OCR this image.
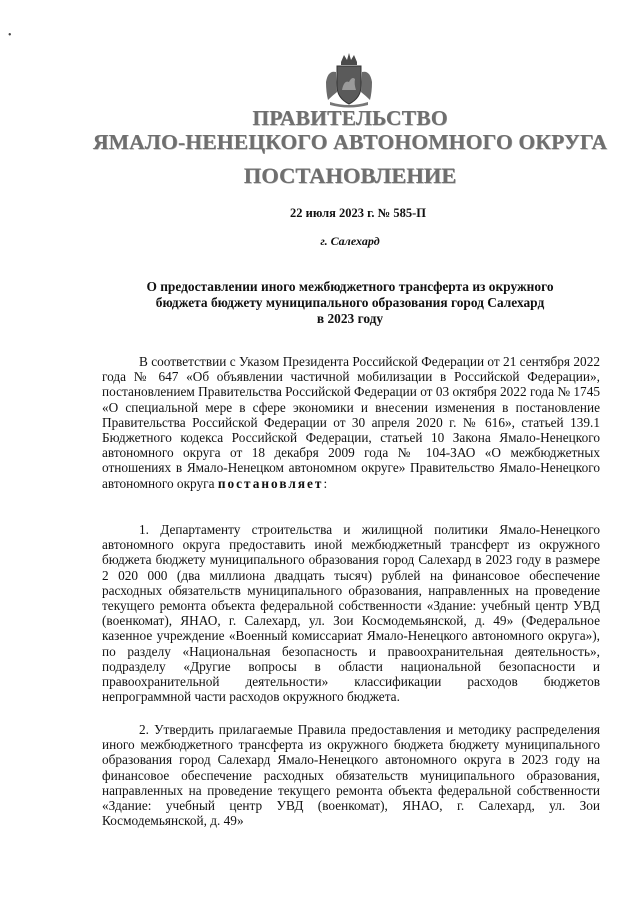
•
ПРАВИТЕЛЬСТВО
ЯМАЛО-НЕНЕЦКОГО АВТОНОМНОГО ОКРУГА
ПОСТАНОВЛЕНИЕ
22 июля 2023 г. № 585-П
г. Салехард
О предоставлении иного межбюджетного трансферта из окружного
бюджета бюджету муниципального образования город Салехард
в 2023 году
В соответствии с Указом Президента Российской Федерации от 21 сентября 2022 года № 647 «Об объявлении частичной мобилизации в Российской Федерации», постановлением Правительства Российской Федерации от 03 октября 2022 года № 1745 «О специальной мере в сфере экономики и внесении изменения в постановление Правительства Российской Федерации от 30 апреля 2020 г. № 616», статьей 139.1 Бюджетного кодекса Российской Федерации, статьей 10 Закона Ямало-Ненецкого автономного округа от 18 декабря 2009 года № 104-ЗАО «О межбюджетных отношениях в Ямало-Ненецком автономном округе» Правительство Ямало-Ненецкого автономного округа постановляет:
1. Департаменту строительства и жилищной политики Ямало-Ненецкого автономного округа предоставить иной межбюджетный трансферт из окружного бюджета бюджету муниципального образования город Салехард в 2023 году в размере 2 020 000 (два миллиона двадцать тысяч) рублей на финансовое обеспечение расходных обязательств муниципального образования, направленных на проведение текущего ремонта объекта федеральной собственности «Здание: учебный центр УВД (военкомат), ЯНАО, г. Салехард, ул. Зои Космодемьянской, д. 49» (Федеральное казенное учреждение «Военный комиссариат Ямало-Ненецкого автономного округа»), по разделу «Национальная безопасность и правоохранительная деятельность», подразделу «Другие вопросы в области национальной безопасности и правоохранительной деятельности» классификации расходов бюджетов непрограммной части расходов окружного бюджета.
2. Утвердить прилагаемые Правила предоставления и методику распределения иного межбюджетного трансферта из окружного бюджета бюджету муниципального образования город Салехард Ямало-Ненецкого автономного округа в 2023 году на финансовое обеспечение расходных обязательств муниципального образования, направленных на проведение текущего ремонта объекта федеральной собственности «Здание: учебный центр УВД (военкомат), ЯНАО, г. Салехард, ул. Зои Космодемьянской, д. 49»
